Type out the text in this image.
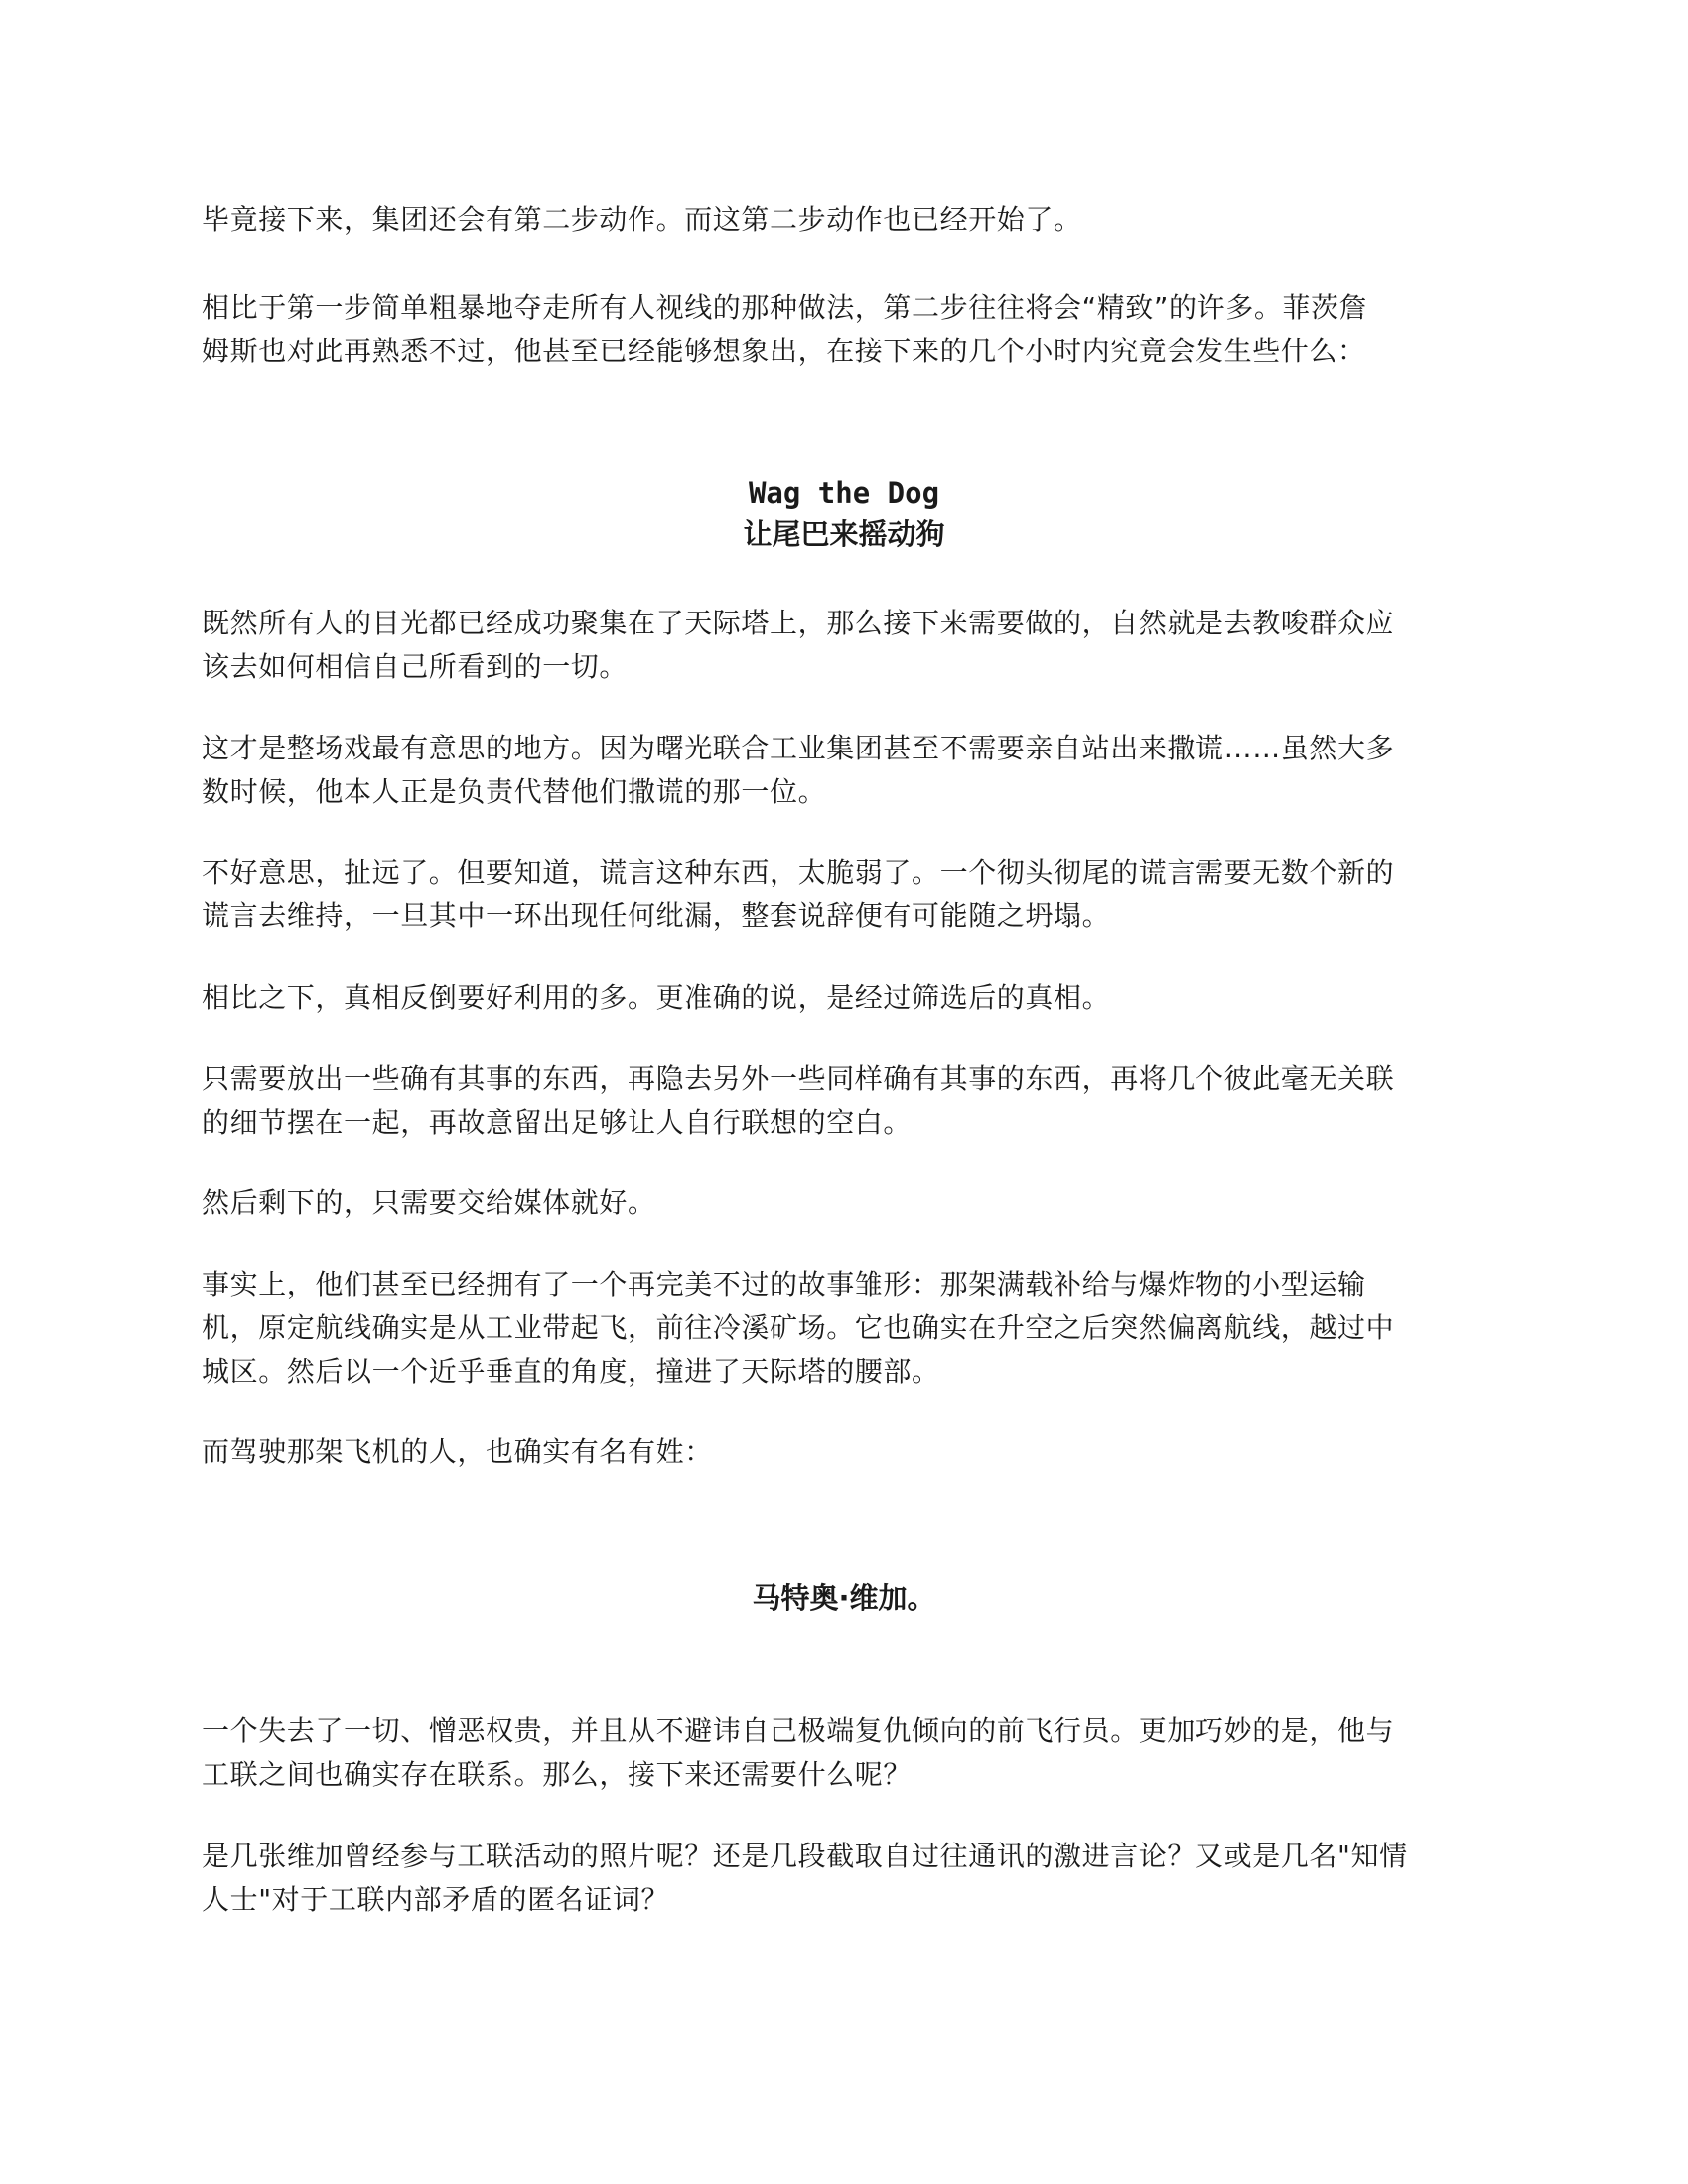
毕竟接下来，集团还会有第二步动作。而这第二步动作也已经开始了。

相比于第一步简单粗暴地夺走所有人视线的那种做法，第二步往往将会“精致”的许多。菲茨詹
姆斯也对此再熟悉不过，他甚至已经能够想象出，在接下来的几个小时内究竟会发生些什么：

Wag the Dog
让尾巴来摇动狗

既然所有人的目光都已经成功聚集在了天际塔上，那么接下来需要做的，自然就是去教唆群众应
该去如何相信自己所看到的一切。

这才是整场戏最有意思的地方。因为曙光联合工业集团甚至不需要亲自站出来撒谎……虽然大多
数时候，他本人正是负责代替他们撒谎的那一位。

不好意思，扯远了。但要知道，谎言这种东西，太脆弱了。一个彻头彻尾的谎言需要无数个新的
谎言去维持，一旦其中一环出现任何纰漏，整套说辞便有可能随之坍塌。

相比之下，真相反倒要好利用的多。更准确的说，是经过筛选后的真相。

只需要放出一些确有其事的东西，再隐去另外一些同样确有其事的东西，再将几个彼此毫无关联
的细节摆在一起，再故意留出足够让人自行联想的空白。

然后剩下的，只需要交给媒体就好。

事实上，他们甚至已经拥有了一个再完美不过的故事雏形：那架满载补给与爆炸物的小型运输
机，原定航线确实是从工业带起飞，前往冷溪矿场。它也确实在升空之后突然偏离航线，越过中
城区。然后以一个近乎垂直的角度，撞进了天际塔的腰部。

而驾驶那架飞机的人，也确实有名有姓：

马特奥·维加。

一个失去了一切、憎恶权贵，并且从不避讳自己极端复仇倾向的前飞行员。更加巧妙的是，他与
工联之间也确实存在联系。那么，接下来还需要什么呢？

是几张维加曾经参与工联活动的照片呢？还是几段截取自过往通讯的激进言论？又或是几名"知情
人士"对于工联内部矛盾的匿名证词？
